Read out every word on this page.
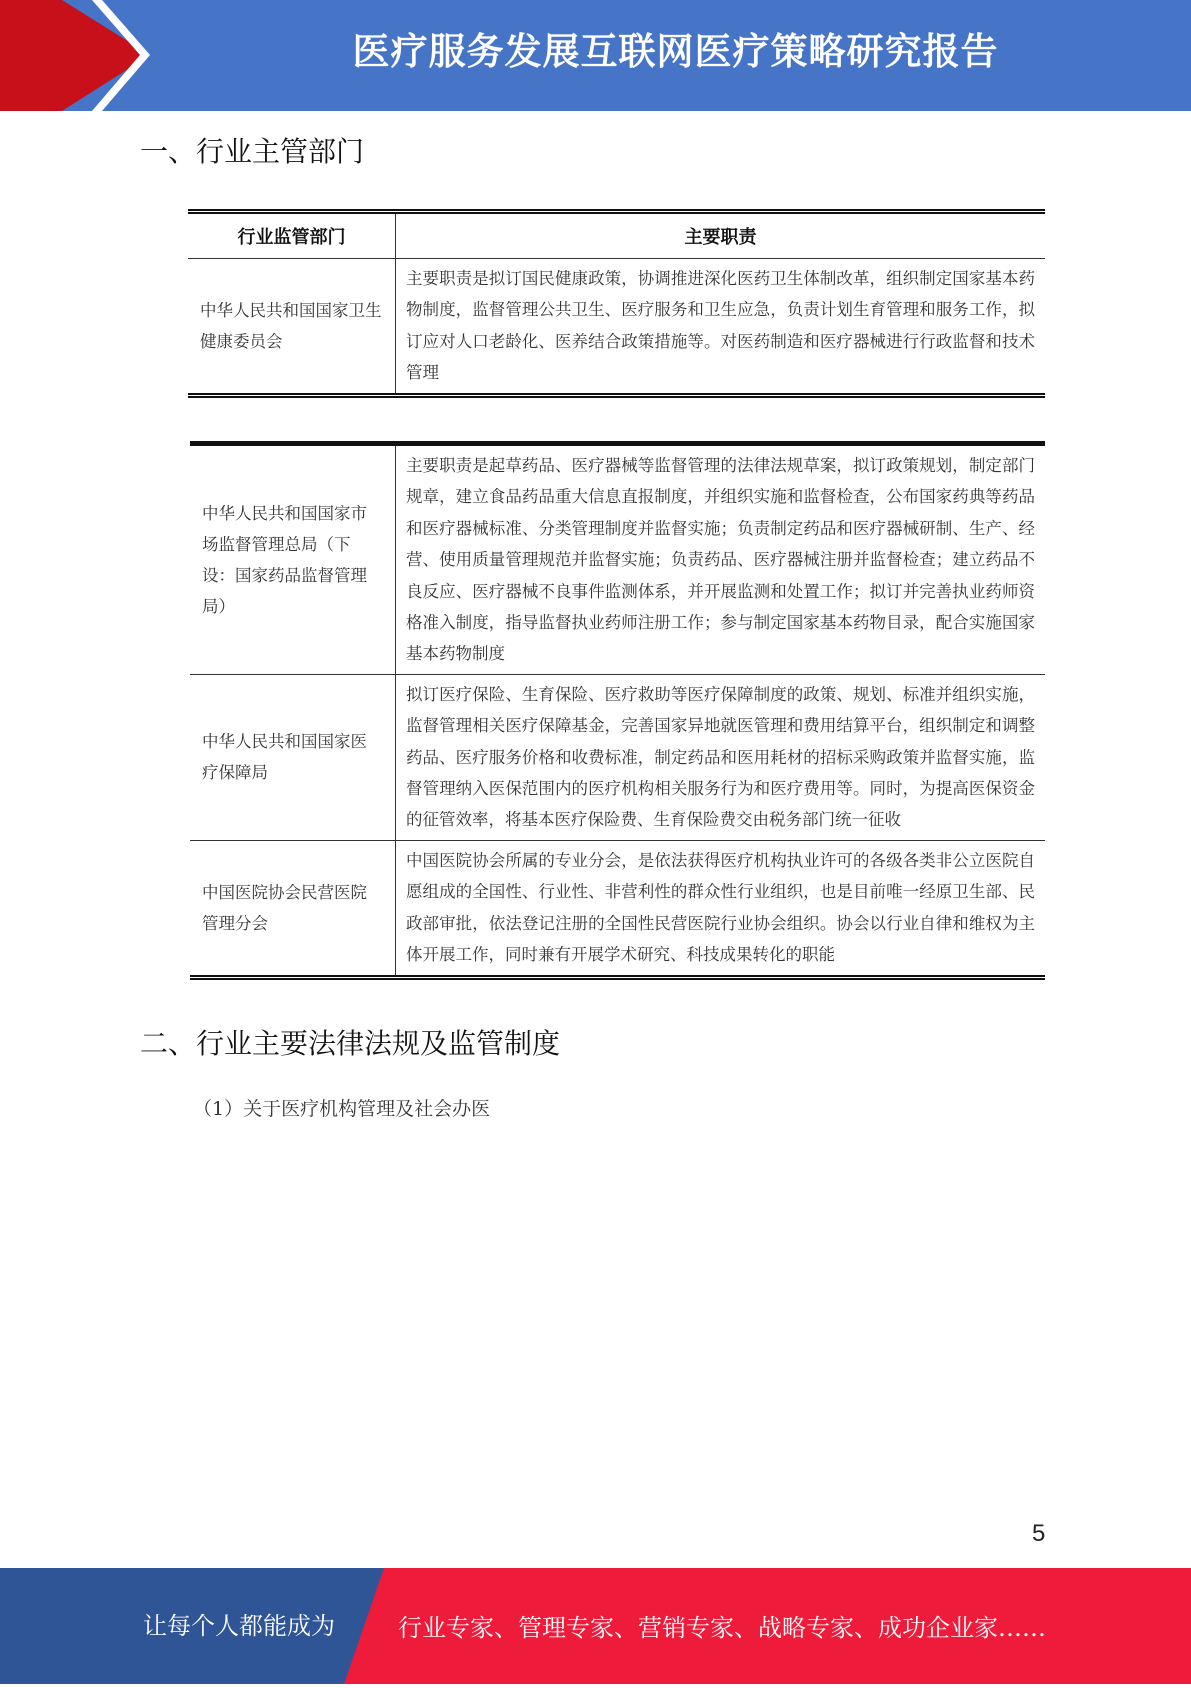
医疗服务发展互联网医疗策略研究报告
一、行业主管部门
行业监管部门	主要职责
中华人民共和国国家卫生健康委员会	主要职责是拟订国民健康政策，协调推进深化医药卫生体制改革，组织制定国家基本药物制度，监督管理公共卫生、医疗服务和卫生应急，负责计划生育管理和服务工作，拟订应对人口老龄化、医养结合政策措施等。对医药制造和医疗器械进行行政监督和技术管理
中华人民共和国国家市场监督管理总局（下设：国家药品监督管理局）	主要职责是起草药品、医疗器械等监督管理的法律法规草案，拟订政策规划，制定部门规章，建立食品药品重大信息直报制度，并组织实施和监督检查，公布国家药典等药品和医疗器械标准、分类管理制度并监督实施；负责制定药品和医疗器械研制、生产、经营、使用质量管理规范并监督实施；负责药品、医疗器械注册并监督检查；建立药品不良反应、医疗器械不良事件监测体系，并开展监测和处置工作；拟订并完善执业药师资格准入制度，指导监督执业药师注册工作；参与制定国家基本药物目录，配合实施国家基本药物制度
中华人民共和国国家医疗保障局	拟订医疗保险、生育保险、医疗救助等医疗保障制度的政策、规划、标准并组织实施，监督管理相关医疗保障基金，完善国家异地就医管理和费用结算平台，组织制定和调整药品、医疗服务价格和收费标准，制定药品和医用耗材的招标采购政策并监督实施，监督管理纳入医保范围内的医疗机构相关服务行为和医疗费用等。同时，为提高医保资金的征管效率，将基本医疗保险费、生育保险费交由税务部门统一征收
中国医院协会民营医院管理分会	中国医院协会所属的专业分会，是依法获得医疗机构执业许可的各级各类非公立医院自愿组成的全国性、行业性、非营利性的群众性行业组织，也是目前唯一经原卫生部、民政部审批，依法登记注册的全国性民营医院行业协会组织。协会以行业自律和维权为主体开展工作，同时兼有开展学术研究、科技成果转化的职能
二、行业主要法律法规及监管制度
（1）关于医疗机构管理及社会办医
5
让每个人都能成为	行业专家、管理专家、营销专家、战略专家、成功企业家……
